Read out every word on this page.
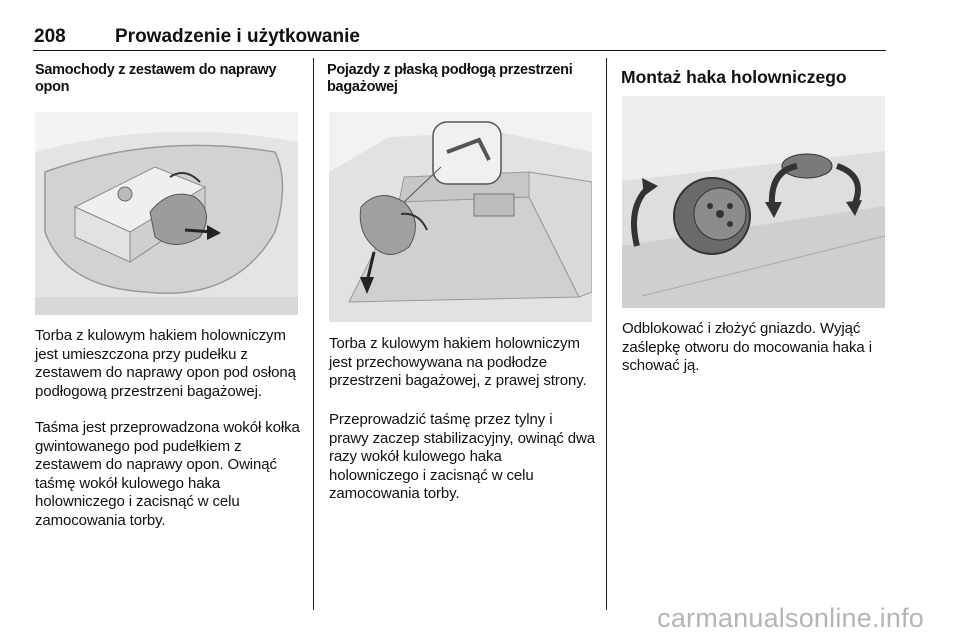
208	Prowadzenie i użytkowanie
Samochody z zestawem do naprawy opon

Torba z kulowym hakiem holowniczym jest umieszczona przy pudełku z zestawem do naprawy opon pod osłoną podłogową przestrzeni bagażowej.

Taśma jest przeprowadzona wokół kołka gwintowanego pod pudełkiem z zestawem do naprawy opon. Owinąć taśmę wokół kulowego haka holowniczego i zacisnąć w celu zamocowania torby.

Pojazdy z płaską podłogą przestrzeni bagażowej

Torba z kulowym hakiem holowniczym jest przechowywana na podłodze przestrzeni bagażowej, z prawej strony.

Przeprowadzić taśmę przez tylny i prawy zaczep stabilizacyjny, owinąć dwa razy wokół kulowego haka holowniczego i zacisnąć w celu zamocowania torby.

Montaż haka holowniczego

Odblokować i złożyć gniazdo. Wyjąć zaślepkę otworu do mocowania haka i schować ją.

carmanualsonline.info
